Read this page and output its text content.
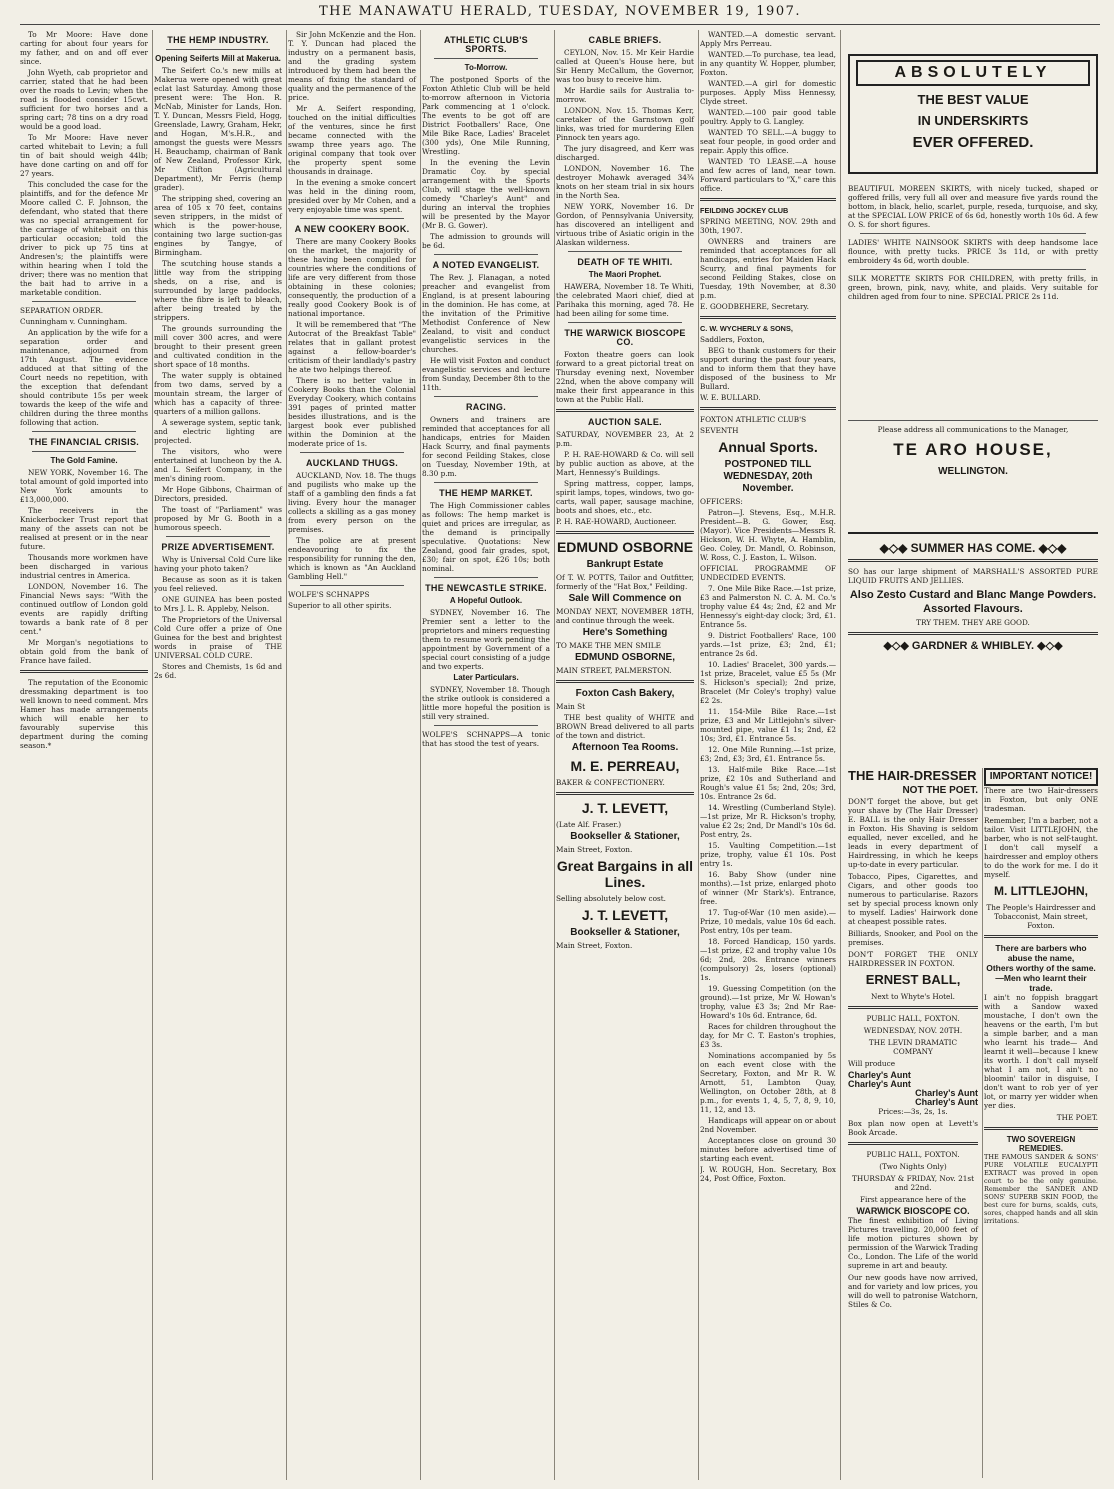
THE MANAWATU HERALD, TUESDAY, NOVEMBER 19, 1907.

To Mr Moore: Have done carting for about four years for my father, and on and off ever since.

John Wyeth, cab proprietor and carrier, stated that he had been over the roads to Levin; when the road is flooded consider 15cwt. sufficient for two horses and a spring cart; 78 tins on a dry road would be a good load.

To Mr Moore: Have never carted whitebait to Levin; a full tin of bait should weigh 44lb; have done carting on and off for 27 years.

This concluded the case for the plaintiffs, and for the defence Mr Moore called C. F. Johnson, the defendant, who stated that there was no special arrangement for the carriage of whitebait on this particular occasion; told the driver to pick up 75 tins at Andresen's; the plaintiffs were within hearing when I told the driver; there was no mention that the bait had to arrive in a marketable condition.

SEPARATION ORDER.

Cunningham v. Cunningham.

An application by the wife for a separation order and maintenance, adjourned from 17th August. The evidence adduced at that sitting of the Court needs no repetition, with the exception that defendant should contribute 15s per week towards the keep of the wife and children during the three months following that action.

THE FINANCIAL CRISIS.
The Gold Famine.

NEW YORK, November 16. The total amount of gold imported into New York amounts to £13,000,000.

The receivers in the Knickerbocker Trust report that many of the assets can not be realised at present or in the near future.

Thousands more workmen have been discharged in various industrial centres in America.

LONDON, November 16. The Financial News says: "With the continued outflow of London gold events are rapidly drifting towards a bank rate of 8 per cent."

Mr Morgan's negotiations to obtain gold from the bank of France have failed.

The reputation of the Economic dressmaking department is too well known to need comment. Mrs Hamer has made arrangements which will enable her to favourably supervise this department during the coming season.*

THE HEMP INDUSTRY.
Opening Seiferts Mill at Makerua.

The Seifert Co.'s new mills at Makerua were opened with great eclat last Saturday. Among those present were: The Hon. R. McNab, Minister for Lands, Hon. T. Y. Duncan, Messrs Field, Hogg, Greenslade, Lawry, Graham, Hekr, and Hogan, M's.H.R., and amongst the guests were Messrs H. Beauchamp, chairman of Bank of New Zealand, Professor Kirk, Mr Clifton (Agricultural Department), Mr Ferris (hemp grader).

The stripping shed, covering an area of 105 x 70 feet, contains seven strippers, in the midst of which is the power-house, containing two large suction-gas engines by Tangye, of Birmingham.

The scutching house stands a little way from the stripping sheds, on a rise, and is surrounded by large paddocks, where the fibre is left to bleach, after being treated by the strippers.

The grounds surrounding the mill cover 300 acres, and were brought to their present green and cultivated condition in the short space of 18 months.

The water supply is obtained from two dams, served by a mountain stream, the larger of which has a capacity of three-quarters of a million gallons.

A sewerage system, septic tank, and electric lighting are projected.

The visitors, who were entertained at luncheon by the A. and L. Seifert Company, in the men's dining room.

Mr Hope Gibbons, Chairman of Directors, presided.

The toast of "Parliament" was proposed by Mr G. Booth in a humorous speech.

PRIZE ADVERTISEMENT.

Why is Universal Cold Cure like having your photo taken?

Because as soon as it is taken you feel relieved.

ONE GUINEA has been posted to Mrs J. L. R. Appleby, Nelson.

The Proprietors of the Universal Cold Cure offer a prize of One Guinea for the best and brightest words in praise of THE UNIVERSAL COLD CURE.

Stores and Chemists, 1s 6d and 2s 6d.

Sir John McKenzie and the Hon. T. Y. Duncan had placed the industry on a permanent basis, and the grading system introduced by them had been the means of fixing the standard of quality and the permanence of the price.

Mr A. Seifert responding, touched on the initial difficulties of the ventures, since he first became connected with the swamp three years ago. The original company that took over the property spent some thousands in drainage.

In the evening a smoke concert was held in the dining room, presided over by Mr Cohen, and a very enjoyable time was spent.

A NEW COOKERY BOOK.

There are many Cookery Books on the market, the majority of these having been compiled for countries where the conditions of life are very different from those obtaining in these colonies; consequently, the production of a really good Cookery Book is of national importance.

It will be remembered that "The Autocrat of the Breakfast Table" relates that in gallant protest against a fellow-boarder's criticism of their landlady's pastry he ate two helpings thereof.

There is no better value in Cookery Books than the Colonial Everyday Cookery, which contains 391 pages of printed matter besides illustrations, and is the largest book ever published within the Dominion at the moderate price of 1s.

AUCKLAND THUGS.

AUCKLAND, Nov. 18. The thugs and pugilists who make up the staff of a gambling den finds a fat living. Every hour the manager collects a skilling as a gas money from every person on the premises.

The police are at present endeavouring to fix the responsibility for running the den, which is known as "An Auckland Gambling Hell."

WOLFE'S SCHNAPPS

Superior to all other spirits.

ATHLETIC CLUB'S SPORTS.
To-Morrow.

The postponed Sports of the Foxton Athletic Club will be held to-morrow afternoon in Victoria Park commencing at 1 o'clock. The events to be got off are District Footballers' Race, One Mile Bike Race, Ladies' Bracelet (300 yds), One Mile Running, Wrestling.

In the evening the Levin Dramatic Coy. by special arrangement with the Sports Club, will stage the well-known comedy "Charley's Aunt" and during an interval the trophies will be presented by the Mayor (Mr B. G. Gower).

The admission to grounds will be 6d.

A NOTED EVANGELIST.

The Rev. J. Flanagan, a noted preacher and evangelist from England, is at present labouring in the dominion. He has come, at the invitation of the Primitive Methodist Conference of New Zealand, to visit and conduct evangelistic services in the churches.

He will visit Foxton and conduct evangelistic services and lecture from Sunday, December 8th to the 11th.

RACING.

Owners and trainers are reminded that acceptances for all handicaps, entries for Maiden Hack Scurry, and final payments for second Feilding Stakes, close on Tuesday, November 19th, at 8.30 p.m.

THE HEMP MARKET.

The High Commissioner cables as follows: The hemp market is quiet and prices are irregular, as the demand is principally speculative. Quotations: New Zealand, good fair grades, spot, £30; fair on spot, £26 10s; both nominal.

THE NEWCASTLE STRIKE.
A Hopeful Outlook.

SYDNEY, November 16. The Premier sent a letter to the proprietors and miners requesting them to resume work pending the appointment by Government of a special court consisting of a judge and two experts.

Later Particulars.

SYDNEY, November 18. Though the strike outlook is considered a little more hopeful the position is still very strained.

WOLFE'S SCHNAPPS—A tonic that has stood the test of years.

CABLE BRIEFS.

CEYLON, Nov. 15. Mr Keir Hardie called at Queen's House here, but Sir Henry McCallum, the Governor, was too busy to receive him.

Mr Hardie sails for Australia to-morrow.

LONDON, Nov. 15. Thomas Kerr, caretaker of the Garnstown golf links, was tried for murdering Ellen Pinnock ten years ago.

The jury disagreed, and Kerr was discharged.

LONDON, November 16. The destroyer Mohawk averaged 34¾ knots on her steam trial in six hours in the North Sea.

NEW YORK, November 16. Dr Gordon, of Pennsylvania University, has discovered an intelligent and virtuous tribe of Asiatic origin in the Alaskan wilderness.

DEATH OF TE WHITI.
The Maori Prophet.

HAWERA, November 18. Te Whiti, the celebrated Maori chief, died at Parihaka this morning, aged 78. He had been ailing for some time.

THE WARWICK BIOSCOPE CO.

Foxton theatre goers can look forward to a great pictorial treat on Thursday evening next, November 22nd, when the above company will make their first appearance in this town at the Public Hall.

AUCTION SALE.

SATURDAY, NOVEMBER 23, At 2 p.m.

P. H. RAE-HOWARD & Co. will sell by public auction as above, at the Mart, Hennessy's Buildings.

Spring mattress, copper, lamps, spirit lamps, topes, windows, two go-carts, wall paper, sausage machine, boots and shoes, etc., etc.

P. H. RAE-HOWARD, Auctioneer.

EDMUND OSBORNE
Bankrupt Estate

Of T. W. POTTS, Tailor and Outfitter, formerly of the "Hat Box," Feilding.

Sale Will Commence on

MONDAY NEXT, NOVEMBER 18TH, and continue through the week.

Here's Something

TO MAKE THE MEN SMILE

EDMUND OSBORNE,

MAIN STREET, PALMERSTON.

Foxton Cash Bakery,

Main St

THE best quality of WHITE and BROWN Bread delivered to all parts of the town and district.

Afternoon Tea Rooms.
M. E. PERREAU,

BAKER & CONFECTIONERY.

J. T. LEVETT,

(Late Alf. Fraser.)

Bookseller & Stationer,

Main Street, Foxton.

Great Bargains in all Lines.

Selling absolutely below cost.

J. T. LEVETT,
Bookseller & Stationer,

Main Street, Foxton.

WANTED.—A domestic servant. Apply Mrs Perreau.

WANTED.—To purchase, tea lead, in any quantity W. Hopper, plumber, Foxton.

WANTED.—A girl for domestic purposes. Apply Miss Hennessy, Clyde street.

WANTED.—100 pair good table poultry. Apply to G. Langley.

WANTED TO SELL.—A buggy to seat four people, in good order and repair. Apply this office.

WANTED TO LEASE.—A house and few acres of land, near town. Forward particulars to "X," care this office.

FEILDING JOCKEY CLUB

SPRING MEETING, NOV. 29th and 30th, 1907.

OWNERS and trainers are reminded that acceptances for all handicaps, entries for Maiden Hack Scurry, and final payments for second Feilding Stakes, close on Tuesday, 19th November, at 8.30 p.m.

E. GOODBEHERE, Secretary.

C. W. WYCHERLY & SONS,

Saddlers, Foxton,

BEG to thank customers for their support during the past four years, and to inform them that they have disposed of the business to Mr Bullard.

W. E. BULLARD.

FOXTON ATHLETIC CLUB'S

SEVENTH

Annual Sports.
POSTPONED TILL WEDNESDAY, 20th November.

OFFICERS:

Patron—J. Stevens, Esq., M.H.R. President—B. G. Gower, Esq. (Mayor). Vice Presidents—Messrs R. Hickson, W. H. Whyte, A. Hamblin, Geo. Coley, Dr. Mandl, O. Robinson, W. Ross, C. J. Easton, L. Wilson.

OFFICIAL PROGRAMME OF UNDECIDED EVENTS.

7. One Mile Bike Race.—1st prize, £3 and Palmerston N. C. A. M. Co.'s trophy value £4 4s; 2nd, £2 and Mr Hennessy's eight-day clock; 3rd, £1. Entrance 5s.

9. District Footballers' Race, 100 yards.—1st prize, £3; 2nd, £1; entrance 2s 6d.

10. Ladies' Bracelet, 300 yards.—1st prize, Bracelet, value £5 5s (Mr S. Hickson's special); 2nd prize, Bracelet (Mr Coley's trophy) value £2 2s.

11. 154-Mile Bike Race.—1st prize, £3 and Mr Littlejohn's silver-mounted pipe, value £1 1s; 2nd, £2 10s; 3rd, £1. Entrance 5s.

12. One Mile Running.—1st prize, £3; 2nd, £3; 3rd, £1. Entrance 5s.

13. Half-mile Bike Race.—1st prize, £2 10s and Sutherland and Rough's value £1 5s; 2nd, 20s; 3rd, 10s. Entrance 2s 6d.

14. Wrestling (Cumberland Style).—1st prize, Mr R. Hickson's trophy, value £2 2s; 2nd, Dr Mandl's 10s 6d. Post entry, 2s.

15. Vaulting Competition.—1st prize, trophy, value £1 10s. Post entry 1s.

16. Baby Show (under nine months).—1st prize, enlarged photo of winner (Mr Stark's). Entrance, free.

17. Tug-of-War (10 men aside).—Prize, 10 medals, value 10s 6d each. Post entry, 10s per team.

18. Forced Handicap, 150 yards.—1st prize, £2 and trophy value 10s 6d; 2nd, 20s. Entrance winners (compulsory) 2s, losers (optional) 1s.

19. Guessing Competition (on the ground).—1st prize, Mr W. Howan's trophy, value £3 3s; 2nd Mr Rae-Howard's 10s 6d. Entrance, 6d.

Races for children throughout the day, for Mr C. T. Easton's trophies, £3 3s.

Nominations accompanied by 5s on each event close with the Secretary, Foxton, and Mr R. W. Arnott, 51, Lambton Quay, Wellington, on October 28th, at 8 p.m., for events 1, 4, 5, 7, 8, 9, 10, 11, 12, and 13.

Handicaps will appear on or about 2nd November.

Acceptances close on ground 30 minutes before advertised time of starting each event.

J. W. ROUGH, Hon. Secretary, Box 24, Post Office, Foxton.

ABSOLUTELY
THE BEST VALUE
IN UNDERSKIRTS
EVER OFFERED.

BEAUTIFUL MOREEN SKIRTS, with nicely tucked, shaped or goffered frills, very full all over and measure five yards round the bottom, in black, helio, scarlet, purple, reseda, turquoise, and sky, at the SPECIAL LOW PRICE of 6s 6d, honestly worth 10s 6d. A few O. S. for short figures.

LADIES' WHITE NAINSOOK SKIRTS with deep handsome lace flounce, with pretty tucks. PRICE 3s 11d, or with pretty embroidery 4s 6d, worth double.

SILK MORETTE SKIRTS FOR CHILDREN, with pretty frills, in green, brown, pink, navy, white, and plaids. Very suitable for children aged from four to nine. SPECIAL PRICE 2s 11d.

Please address all communications to the Manager,

TE ARO HOUSE,
WELLINGTON.
◆◇◆ SUMMER HAS COME. ◆◇◆

SO has our large shipment of MARSHALL'S ASSORTED PURE LIQUID FRUITS AND JELLIES.

Also Zesto Custard and Blanc Mange Powders. Assorted Flavours.

TRY THEM. THEY ARE GOOD.

◆◇◆ GARDNER & WHIBLEY. ◆◇◆
THE HAIR-DRESSER
NOT THE POET.

DON'T forget the above, but get your shave by (The Hair Dresser) E. BALL is the only Hair Dresser in Foxton. His Shaving is seldom equalled, never excelled, and he leads in every department of Hairdressing, in which he keeps up-to-date in every particular.

Tobacco, Pipes, Cigarettes, and Cigars, and other goods too numerous to particularise. Razors set by special process known only to myself. Ladies' Hairwork done at cheapest possible rates.

Billiards, Snooker, and Pool on the premises.

DON'T FORGET THE ONLY HAIRDRESSER IN FOXTON.

ERNEST BALL,

Next to Whyte's Hotel.

PUBLIC HALL, FOXTON.

WEDNESDAY, NOV. 20TH.

THE LEVIN DRAMATIC COMPANY

Will produce

Charley's Aunt
Charley's Aunt
Charley's Aunt
Charley's Aunt

Prices:—3s, 2s, 1s.

Box plan now open at Levett's Book Arcade.

PUBLIC HALL, FOXTON.

(Two Nights Only)

THURSDAY & FRIDAY, Nov. 21st and 22nd.

First appearance here of the

WARWICK BIOSCOPE CO.

The finest exhibition of Living Pictures travelling. 20,000 feet of life motion pictures shown by permission of the Warwick Trading Co., London. The Life of the world supreme in art and beauty.

Our new goods have now arrived, and for variety and low prices, you will do well to patronise Watchorn, Stiles & Co.

IMPORTANT NOTICE!

There are two Hair-dressers in Foxton, but only ONE tradesman.

Remember, I'm a barber, not a tailor. Visit LITTLEJOHN, the barber, who is not self-taught. I don't call myself a hairdresser and employ others to do the work for me. I do it myself.

M. LITTLEJOHN,

The People's Hairdresser and Tobacconist, Main street, Foxton.

There are barbers who abuse the name,
Others worthy of the same.
—Men who learnt their trade.

I ain't no foppish braggart with a Sandow waxed moustache, I don't own the heavens or the earth, I'm but a simple barber, and a man who learnt his trade— And learnt it well—because I knew its worth. I don't call myself what I am not, I ain't no bloomin' tailor in disguise, I don't want to rob yer of yer lot, or marry yer widder when yer dies.

THE POET.

TWO SOVEREIGN REMEDIES.

THE FAMOUS SANDER & SONS' PURE VOLATILE EUCALYPTI EXTRACT was proved in open court to be the only genuine. Remember the SANDER AND SONS' SUPERB SKIN FOOD, the best cure for burns, scalds, cuts, sores, chapped hands and all skin irritations.
